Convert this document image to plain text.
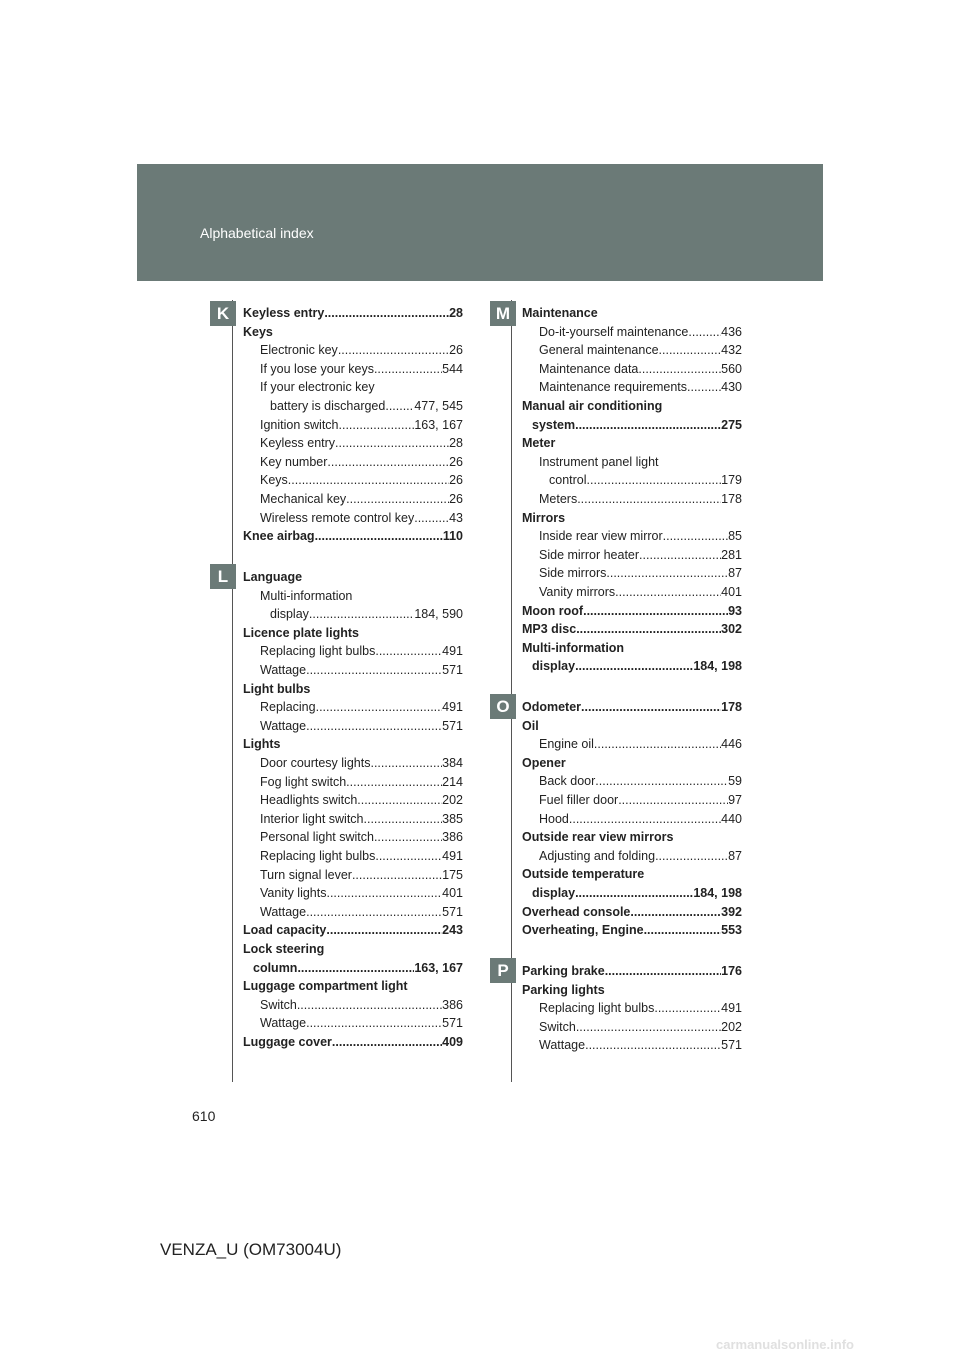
Alphabetical index
K
L
M
O
P
Keyless entry .....	28
Keys
Electronic key .....	26
If you lose your keys .....	544
If your electronic key
battery is discharged ..... 477, 545
Ignition switch .....	163, 167
Keyless entry .....	28
Key number .....	26
Keys .....	26
Mechanical key .....	26
Wireless remote control key .....	43
Knee airbag .....	110
Language
Multi-information
display .....	184, 590
Licence plate lights
Replacing light bulbs .....	491
Wattage .....	571
Light bulbs
Replacing .....	491
Wattage .....	571
Lights
Door courtesy lights .....	384
Fog light switch .....	214
Headlights switch .....	202
Interior light switch .....	385
Personal light switch .....	386
Replacing light bulbs .....	491
Turn signal lever .....	175
Vanity lights .....	401
Wattage .....	571
Load capacity .....	243
Lock steering
column .....	163, 167
Luggage compartment light
Switch .....	386
Wattage .....	571
Luggage cover .....	409
Maintenance
Do-it-yourself maintenance .....	436
General maintenance .....	432
Maintenance data .....	560
Maintenance requirements .....	430
Manual air conditioning
system .....	275
Meter
Instrument panel light
control .....	179
Meters .....	178
Mirrors
Inside rear view mirror .....	85
Side mirror heater .....	281
Side mirrors .....	87
Vanity mirrors .....	401
Moon roof .....	93
MP3 disc .....	302
Multi-information
display .....	184, 198
Odometer .....	178
Oil
Engine oil .....	446
Opener
Back door .....	59
Fuel filler door .....	97
Hood .....	440
Outside rear view mirrors
Adjusting and folding .....	87
Outside temperature
display .....	184, 198
Overhead console .....	392
Overheating, Engine .....	553
Parking brake .....	176
Parking lights
Replacing light bulbs .....	491
Switch .....	202
Wattage .....	571
610
VENZA_U (OM73004U)
carmanualsonline.info
